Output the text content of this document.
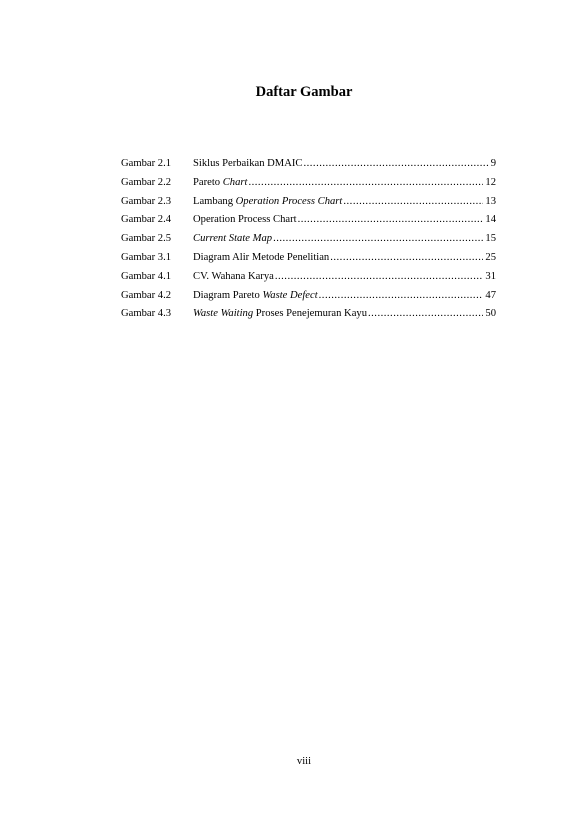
Daftar Gambar
Gambar 2.1	Siklus Perbaikan DMAIC .....	9
Gambar 2.2	Pareto Chart .....	12
Gambar 2.3	Lambang Operation Process Chart .....	13
Gambar 2.4	Operation Process Chart .....	14
Gambar 2.5	Current State Map .....	15
Gambar 3.1	Diagram Alir Metode Penelitian .....	25
Gambar 4.1	CV. Wahana Karya .....	31
Gambar 4.2	Diagram Pareto Waste Defect .....	47
Gambar 4.3	Waste Waiting Proses Penejemuran Kayu .....	50
viii
